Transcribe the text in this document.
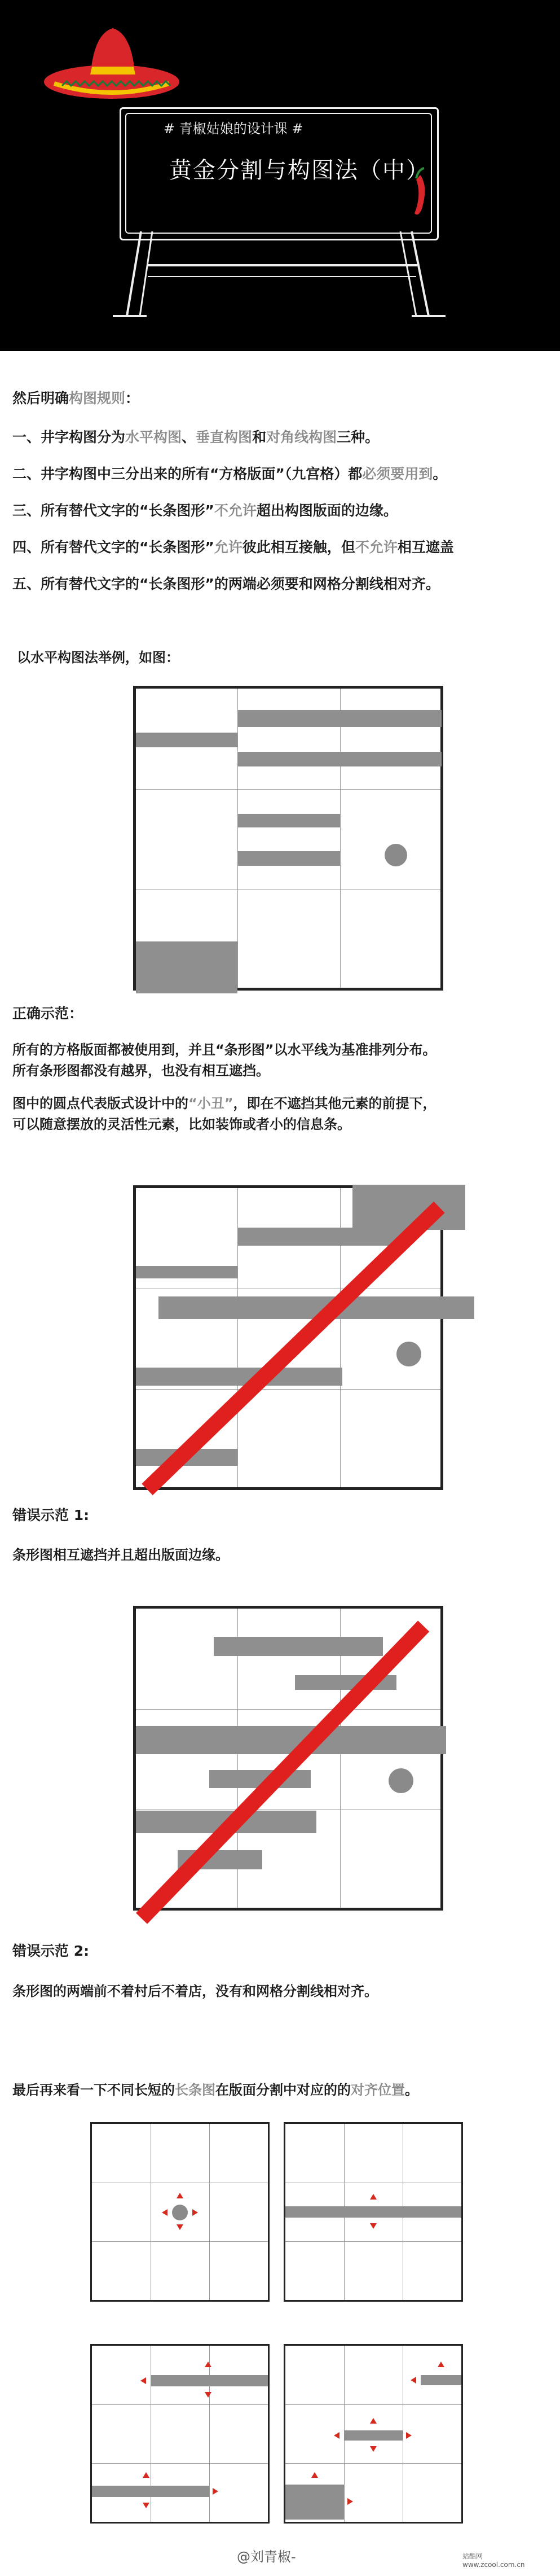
# 青椒姑娘的设计课 #
黄金分割与构图法（中）
然后明确构图规则：
一、井字构图分为水平构图、垂直构图和对角线构图三种。
二、井字构图中三分出来的所有“方格版面”（九宫格）都必须要用到。
三、所有替代文字的“长条图形”不允许超出构图版面的边缘。
四、所有替代文字的“长条图形”允许彼此相互接触，但不允许相互遮盖
五、所有替代文字的“长条图形”的两端必须要和网格分割线相对齐。
以水平构图法举例，如图：
正确示范：
所有的方格版面都被使用到，并且“条形图”以水平线为基准排列分布。
所有条形图都没有越界，也没有相互遮挡。
图中的圆点代表版式设计中的“小丑”，即在不遮挡其他元素的前提下，
可以随意摆放的灵活性元素，比如装饰或者小的信息条。
错误示范 1:
条形图相互遮挡并且超出版面边缘。
错误示范 2:
条形图的两端前不着村后不着店，没有和网格分割线相对齐。
最后再来看一下不同长短的长条图在版面分割中对应的的对齐位置。
@刘青椒-	站酷网 www.zcool.com.cn
